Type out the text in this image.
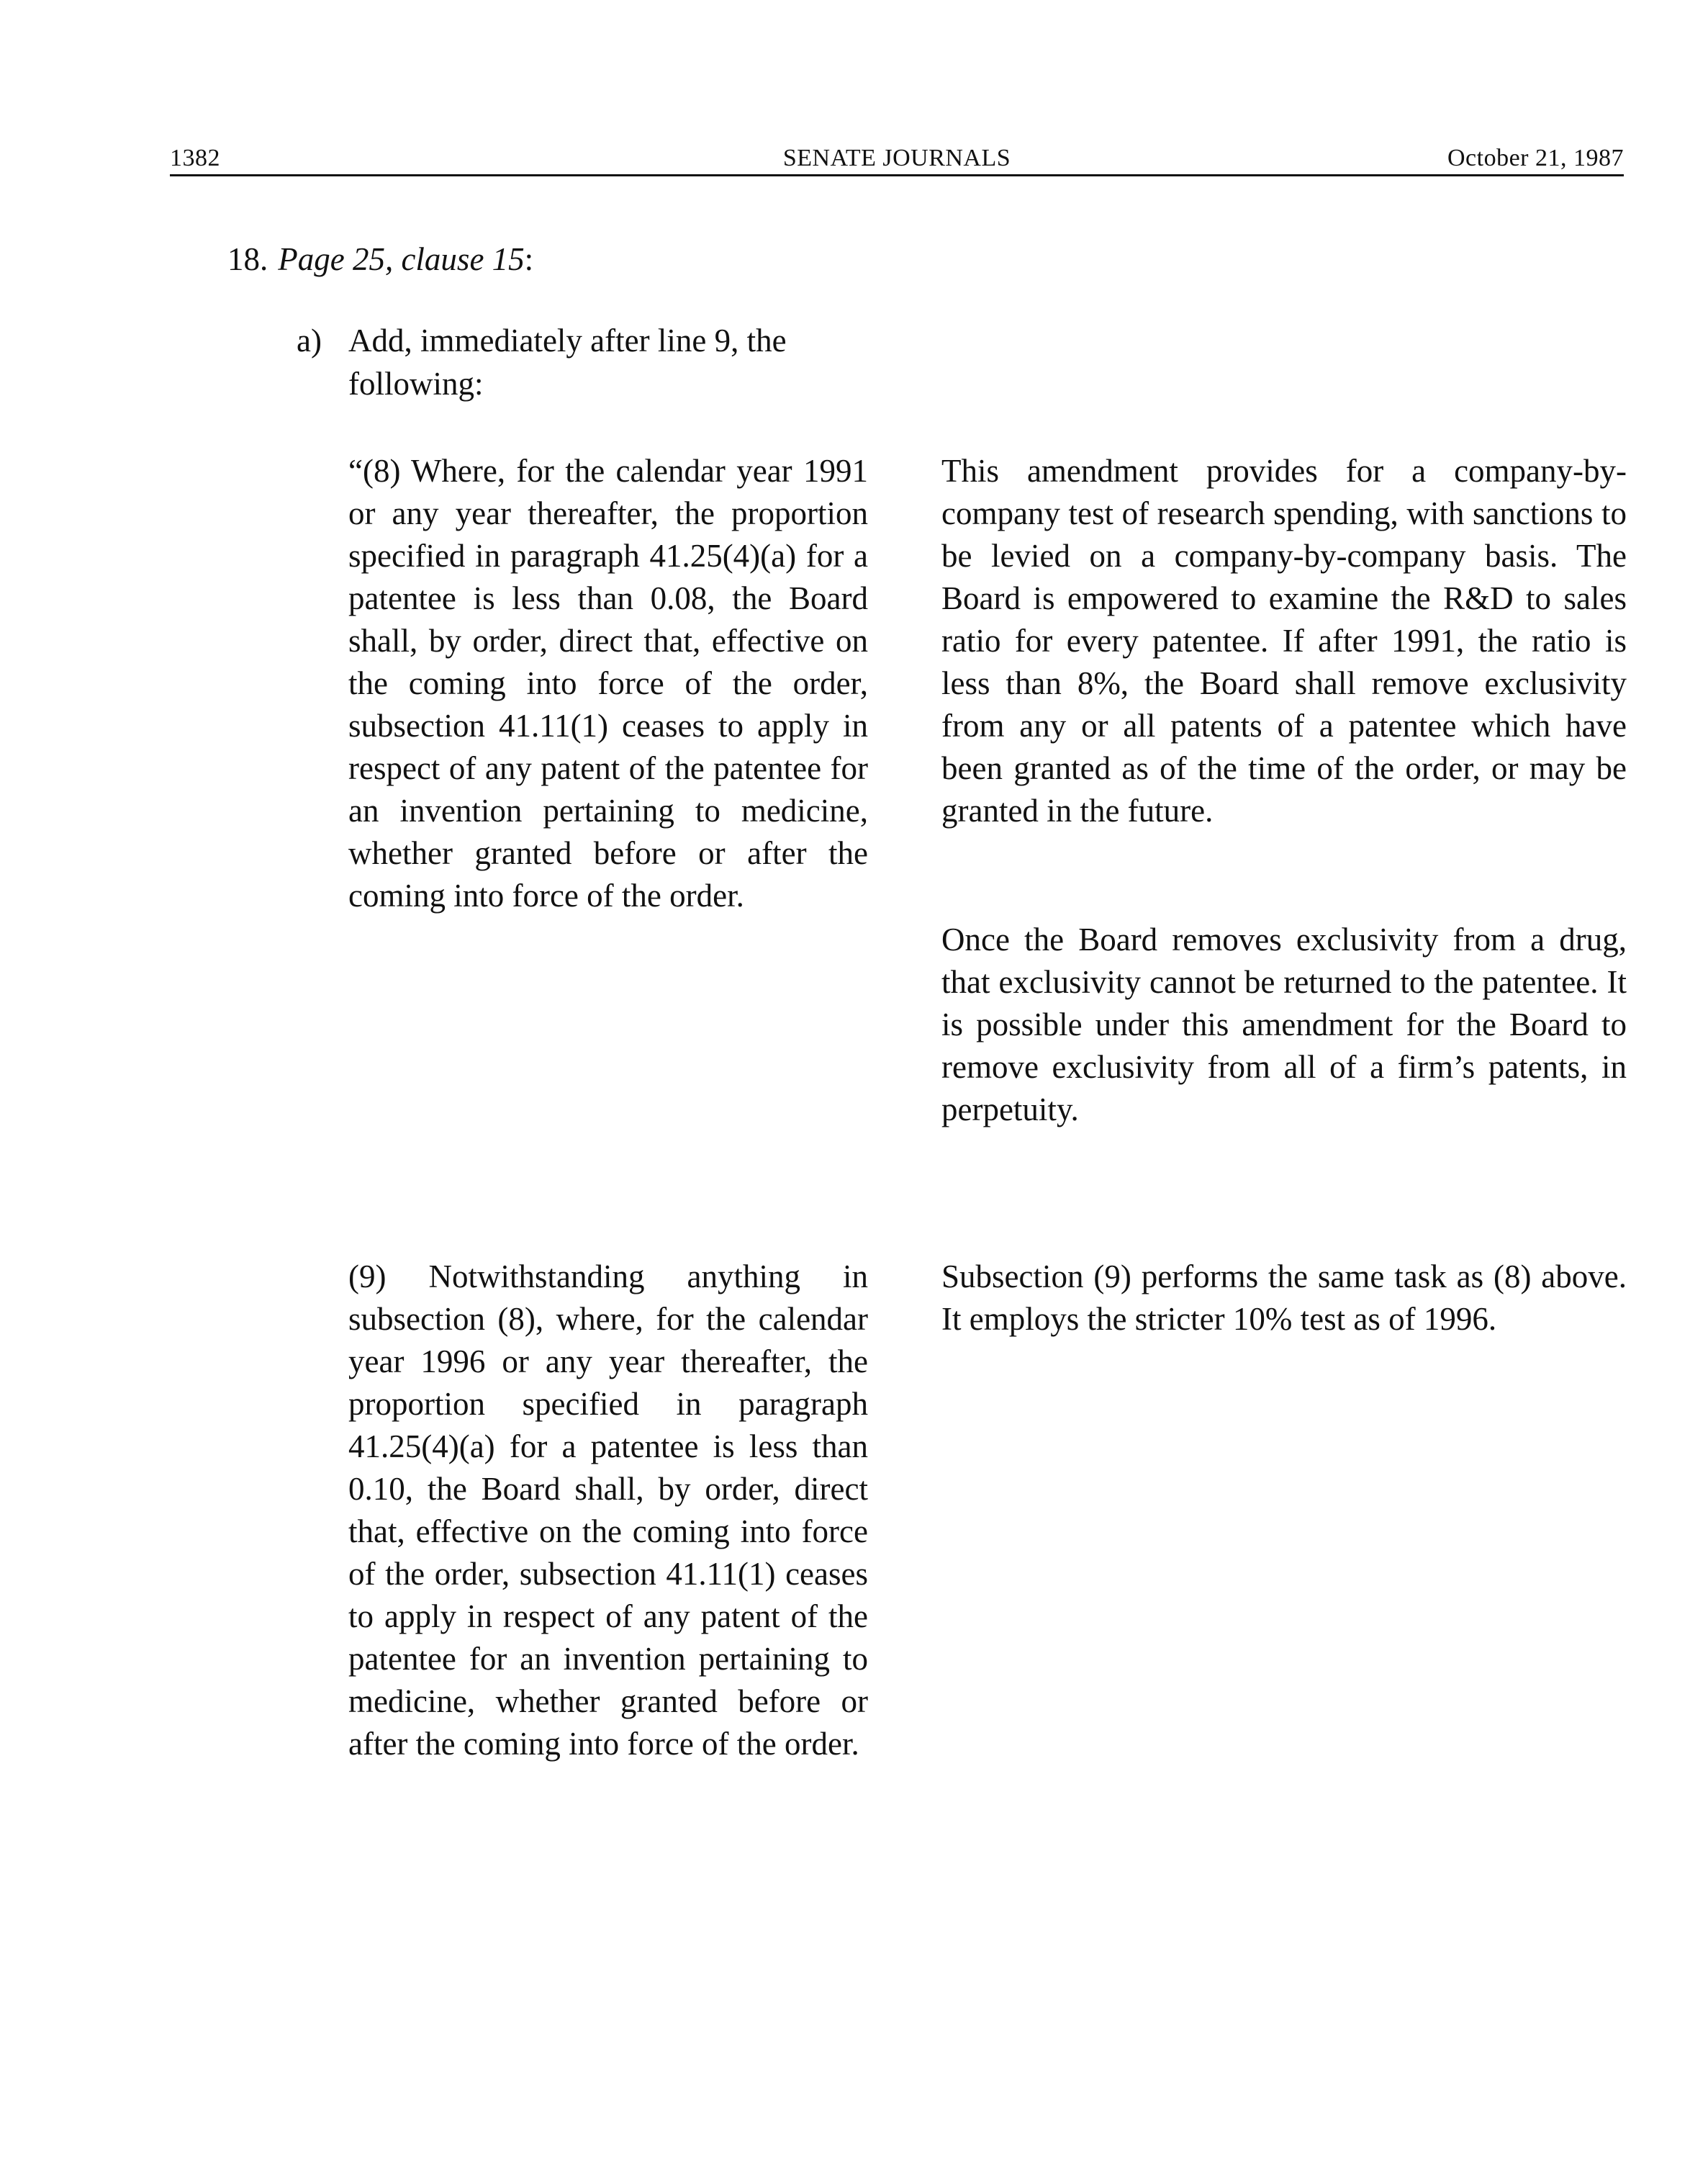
1382	SENATE JOURNALS	October 21, 1987
18. Page 25, clause 15:
a) Add, immediately after line 9, the following:
“(8) Where, for the calendar year 1991 or any year thereafter, the proportion specified in paragraph 41.25(4)(a) for a patentee is less than 0.08, the Board shall, by order, direct that, effective on the coming into force of the order, subsection 41.11(1) ceases to apply in respect of any patent of the patentee for an invention pertaining to medicine, whether granted before or after the coming into force of the order.
(9) Notwithstanding anything in subsection (8), where, for the calendar year 1996 or any year thereafter, the proportion specified in paragraph 41.25(4)(a) for a patentee is less than 0.10, the Board shall, by order, direct that, effective on the coming into force of the order, subsection 41.11(1) ceases to apply in respect of any patent of the patentee for an invention pertaining to medicine, whether granted before or after the coming into force of the order.
This amendment provides for a company-by-company test of research spending, with sanctions to be levied on a company-by-company basis. The Board is empowered to examine the R&D to sales ratio for every patentee. If after 1991, the ratio is less than 8%, the Board shall remove exclusivity from any or all patents of a patentee which have been granted as of the time of the order, or may be granted in the future.
Once the Board removes exclusivity from a drug, that exclusivity cannot be returned to the patentee. It is possible under this amendment for the Board to remove exclusivity from all of a firm’s patents, in perpetuity.
Subsection (9) performs the same task as (8) above. It employs the stricter 10% test as of 1996.
